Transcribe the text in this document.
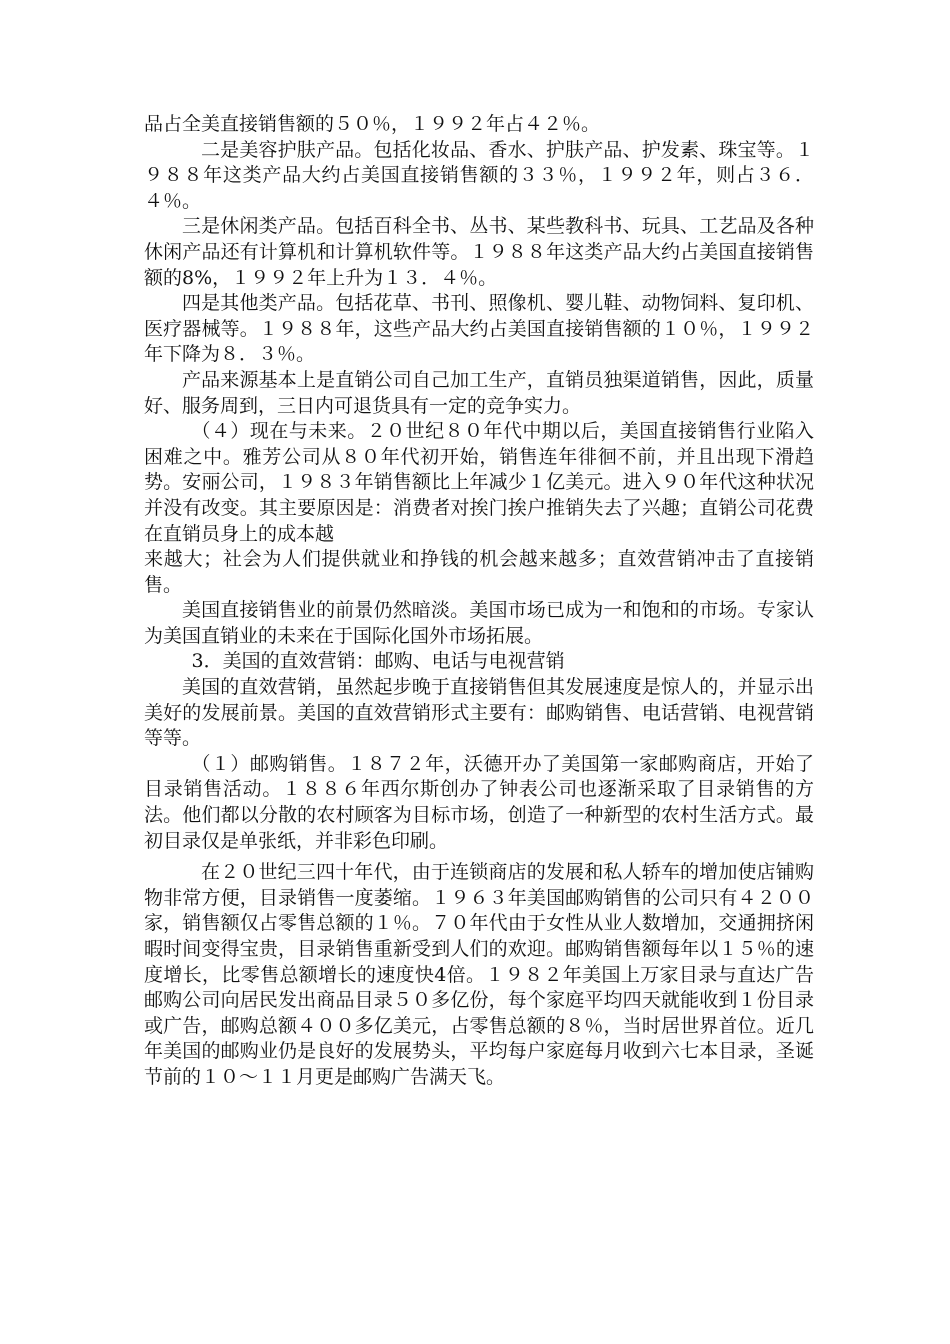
品占全美直接销售额的５０％，１９９２年占４２％。

二是美容护肤产品。包括化妆品、香水、护肤产品、护发素、珠宝等。１９８８年这类产品大约占美国直接销售额的３３％，１９９２年，则占３６．４％。

三是休闲类产品。包括百科全书、丛书、某些教科书、玩具、工艺品及各种休闲产品还有计算机和计算机软件等。１９８８年这类产品大约占美国直接销售额的8%，１９９２年上升为１３．４％。

四是其他类产品。包括花草、书刊、照像机、婴儿鞋、动物饲料、复印机、医疗器械等。１９８８年，这些产品大约占美国直接销售额的１０％，１９９２年下降为８．３％。

产品来源基本上是直销公司自己加工生产，直销员独渠道销售，因此，质量好、服务周到，三日内可退货具有一定的竞争实力。

（４）现在与未来。２０世纪８０年代中期以后，美国直接销售行业陷入困难之中。雅芳公司从８０年代初开始，销售连年徘徊不前，并且出现下滑趋势。安丽公司，１９８３年销售额比上年减少１亿美元。进入９０年代这种状况并没有改变。其主要原因是：消费者对挨门挨户推销失去了兴趣；直销公司花费在直销员身上的成本越

来越大；社会为人们提供就业和挣钱的机会越来越多；直效营销冲击了直接销售。

美国直接销售业的前景仍然暗淡。美国市场已成为一和饱和的市场。专家认为美国直销业的未来在于国际化国外市场拓展。

3．美国的直效营销：邮购、电话与电视营销

美国的直效营销，虽然起步晚于直接销售但其发展速度是惊人的，并显示出美好的发展前景。美国的直效营销形式主要有：邮购销售、电话营销、电视营销等等。

（１）邮购销售。１８７２年，沃德开办了美国第一家邮购商店，开始了目录销售活动。１８８６年西尔斯创办了钟表公司也逐渐采取了目录销售的方法。他们都以分散的农村顾客为目标市场，创造了一种新型的农村生活方式。最初目录仅是单张纸，并非彩色印刷。

在２０世纪三四十年代，由于连锁商店的发展和私人轿车的增加使店铺购物非常方便，目录销售一度萎缩。１９６３年美国邮购销售的公司只有４２００家，销售额仅占零售总额的１％。７０年代由于女性从业人数增加，交通拥挤闲暇时间变得宝贵，目录销售重新受到人们的欢迎。邮购销售额每年以１５％的速度增长，比零售总额增长的速度快4倍。１９８２年美国上万家目录与直达广告邮购公司向居民发出商品目录５０多亿份，每个家庭平均四天就能收到１份目录或广告，邮购总额４００多亿美元，占零售总额的８％，当时居世界首位。近几年美国的邮购业仍是良好的发展势头，平均每户家庭每月收到六七本目录，圣诞节前的１０～１１月更是邮购广告满天飞。
